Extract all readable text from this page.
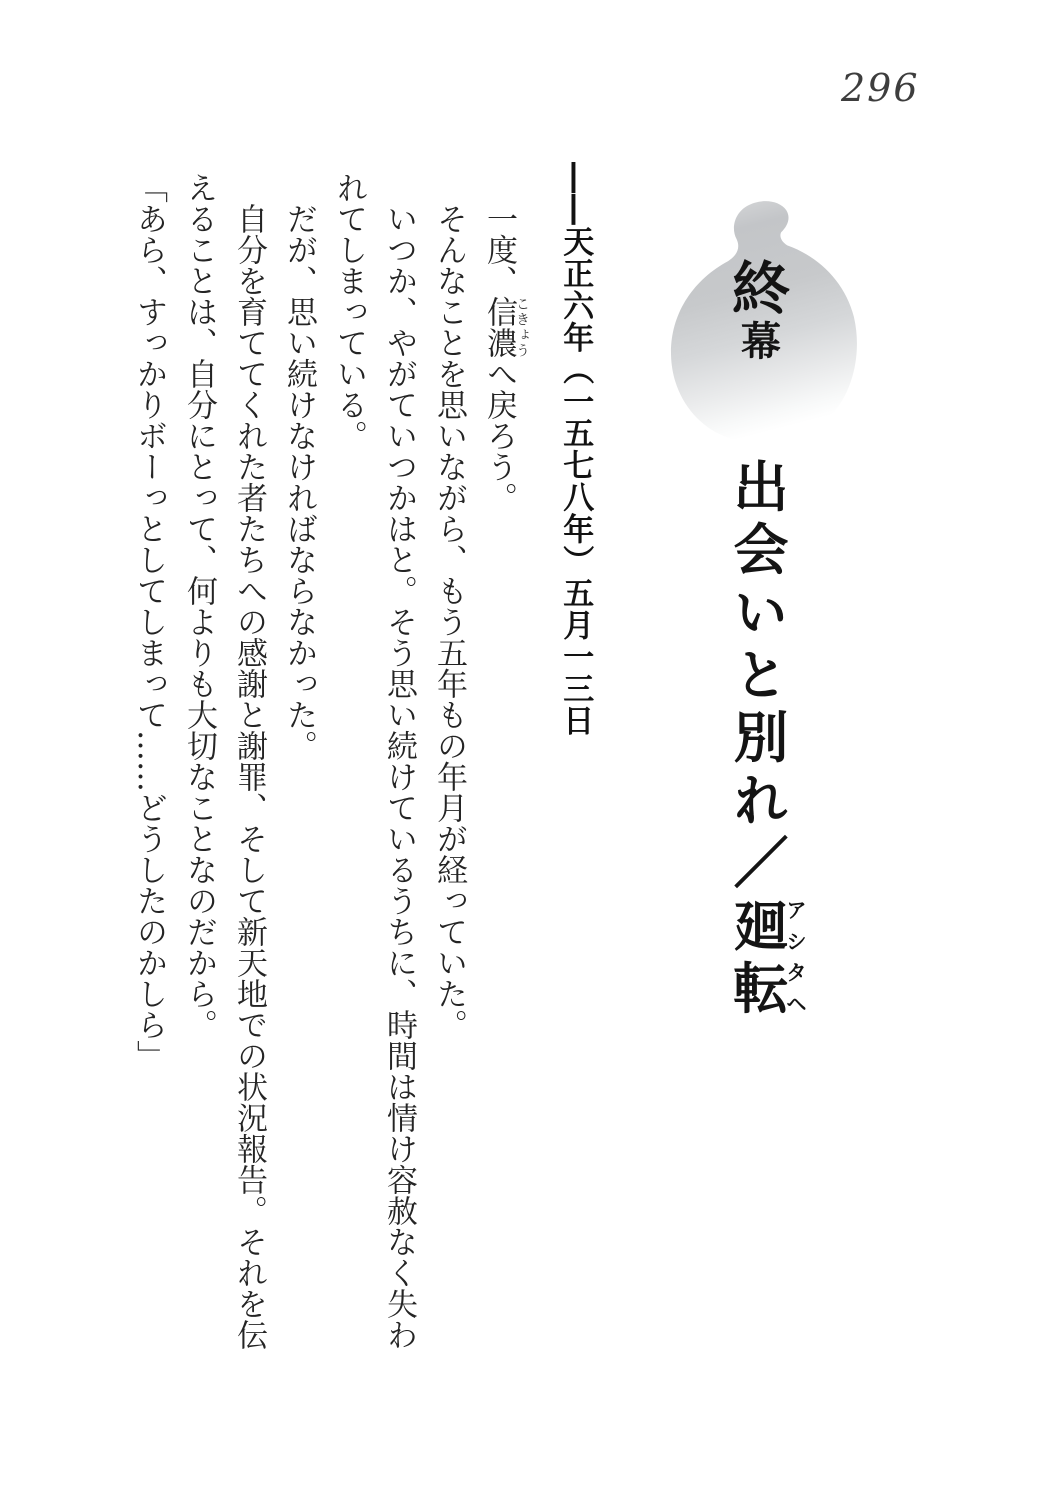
296
終
幕
出会いと別れ／廻転アシタヘ
――天正六年（一五七八年）五月一三日

　一度、信濃こきょうへ戻ろう。

　そんなことを思いながら、もう五年もの年月が経っていた。

　いつか、やがていつかはと。そう思い続けているうちに、時間は情け容赦なく失われてしまっている。

　だが、思い続けなければならなかった。

　自分を育ててくれた者たちへの感謝と謝罪、そして新天地での状況報告。それを伝えることは、自分にとって、何よりも大切なことなのだから。

「あら、すっかりボーっとしてしまって……どうしたのかしら」
